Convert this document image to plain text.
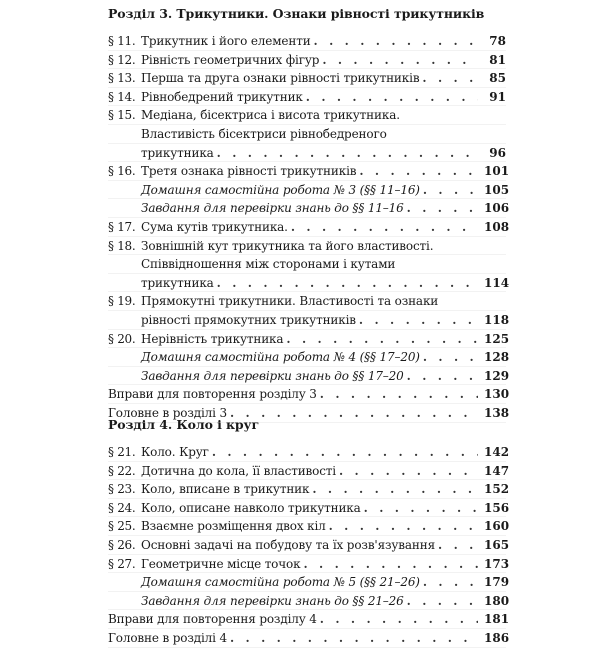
Розділ 3. Трикутники. Ознаки рівності трикутників
§ 11. Трикутник і його елементи . . .	78
§ 12. Рівність геометричних фігур . . .	81
§ 13. Перша та друга ознаки рівності трикутників . . .	85
§ 14. Рівнобедрений трикутник . . .	91
§ 15. Медіана, бісектриса і висота трикутника.
Властивість бісектриси рівнобедреного
трикутника . . .	96
§ 16. Третя ознака рівності трикутників . . .	101
Домашня самостійна робота № 3 (§§ 11–16) . . .	105
Завдання для перевірки знань до §§ 11–16 . . .	106
§ 17. Сума кутів трикутника. . . .	108
§ 18. Зовнішній кут трикутника та його властивості.
Співвідношення між сторонами і кутами
трикутника . . .	114
§ 19. Прямокутні трикутники. Властивості та ознаки
рівності прямокутних трикутників . . .	118
§ 20. Нерівність трикутника . . .	125
Домашня самостійна робота № 4 (§§ 17–20) . . .	128
Завдання для перевірки знань до §§ 17–20 . . .	129
Вправи для повторення розділу 3 . . .	130
Головне в розділі 3 . . .	138
Розділ 4. Коло і круг
§ 21. Коло. Круг . . .	142
§ 22. Дотична до кола, її властивості . . .	147
§ 23. Коло, вписане в трикутник . . .	152
§ 24. Коло, описане навколо трикутника . . .	156
§ 25. Взаємне розміщення двох кіл . . .	160
§ 26. Основні задачі на побудову та їх розв'язування . . .	165
§ 27. Геометричне місце точок . . .	173
Домашня самостійна робота № 5 (§§ 21–26) . . .	179
Завдання для перевірки знань до §§ 21–26 . . .	180
Вправи для повторення розділу 4 . . .	181
Головне в розділі 4 . . .	186
